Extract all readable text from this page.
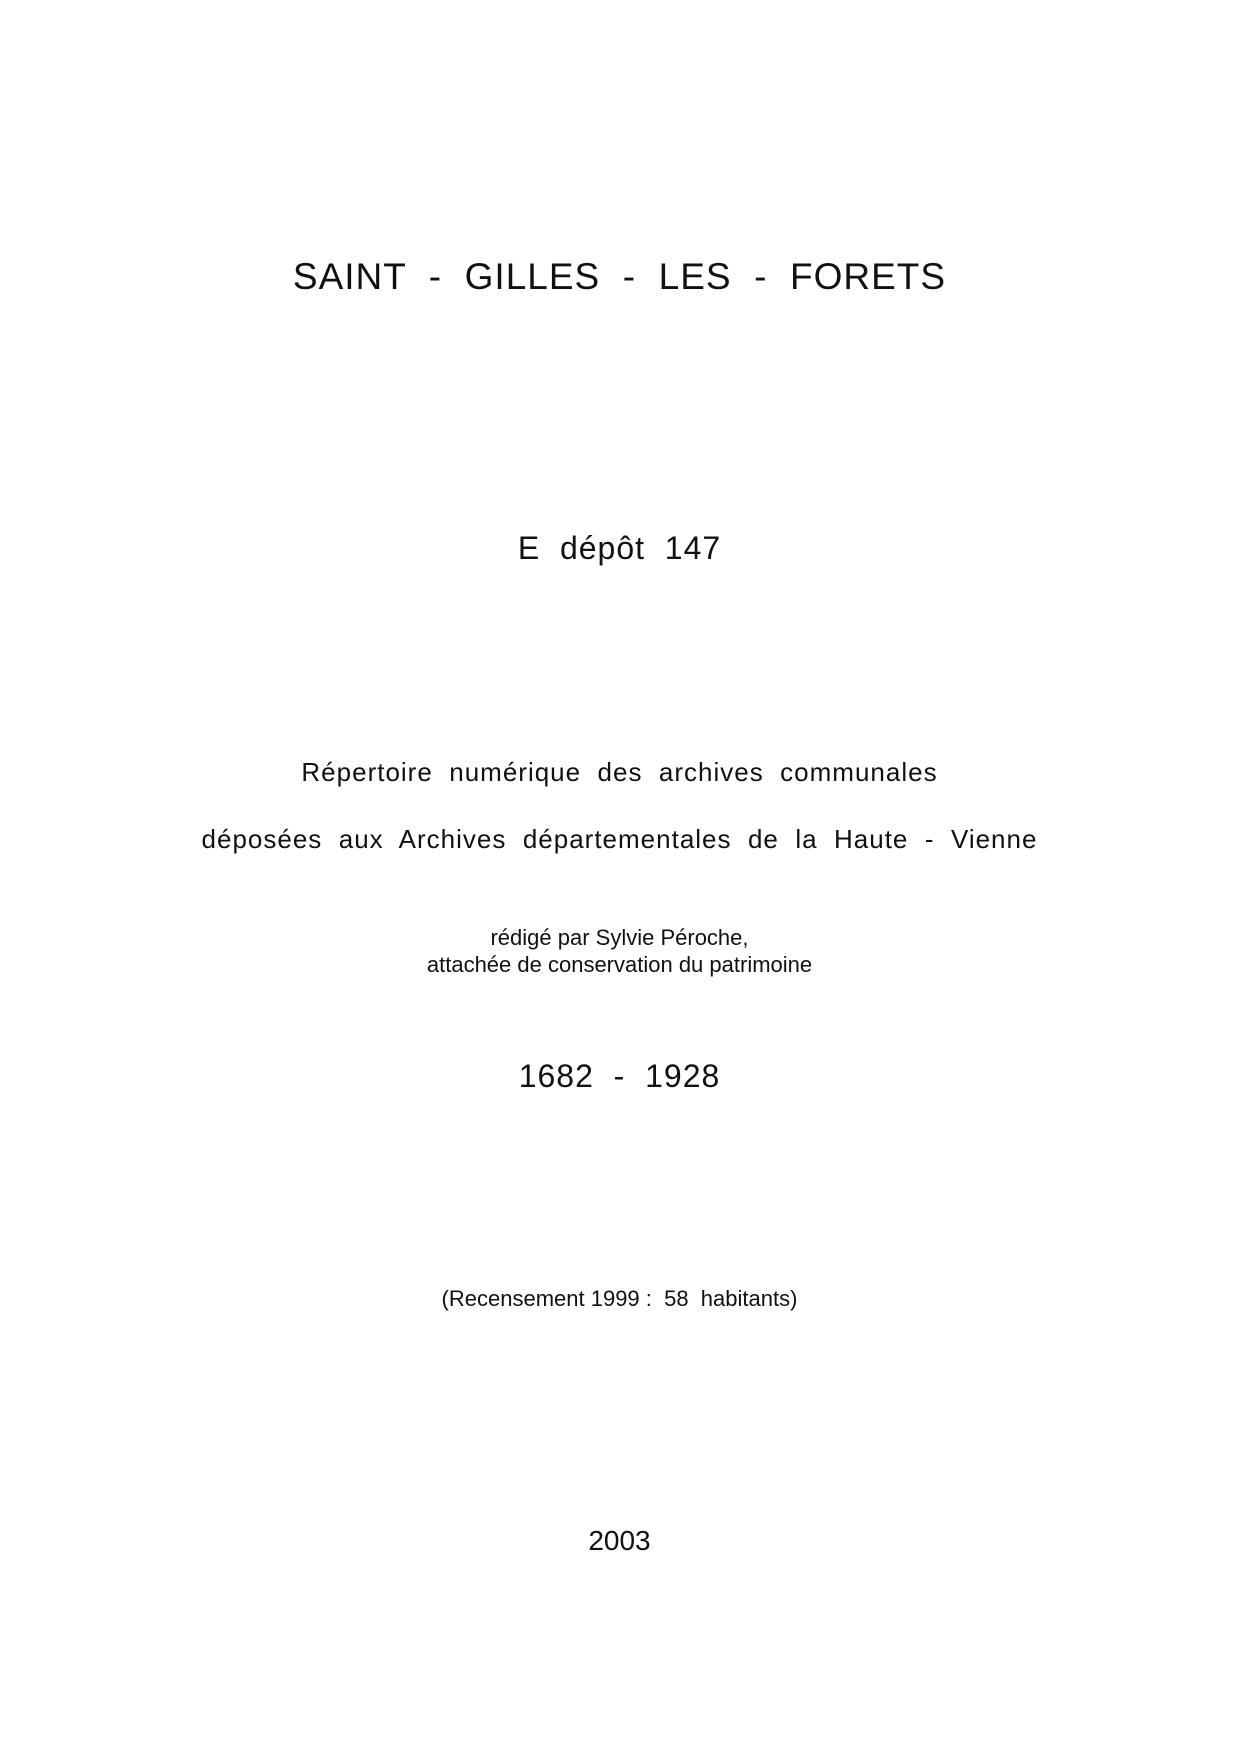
SAINT  -  GILLES  -  LES  -  FORETS
E  dépôt  147
Répertoire  numérique  des  archives  communales
déposées  aux  Archives  départementales  de  la  Haute  -  Vienne
rédigé par Sylvie Péroche,
attachée de conservation du patrimoine
1682  -  1928
(Recensement 1999 :  58  habitants)
2003
